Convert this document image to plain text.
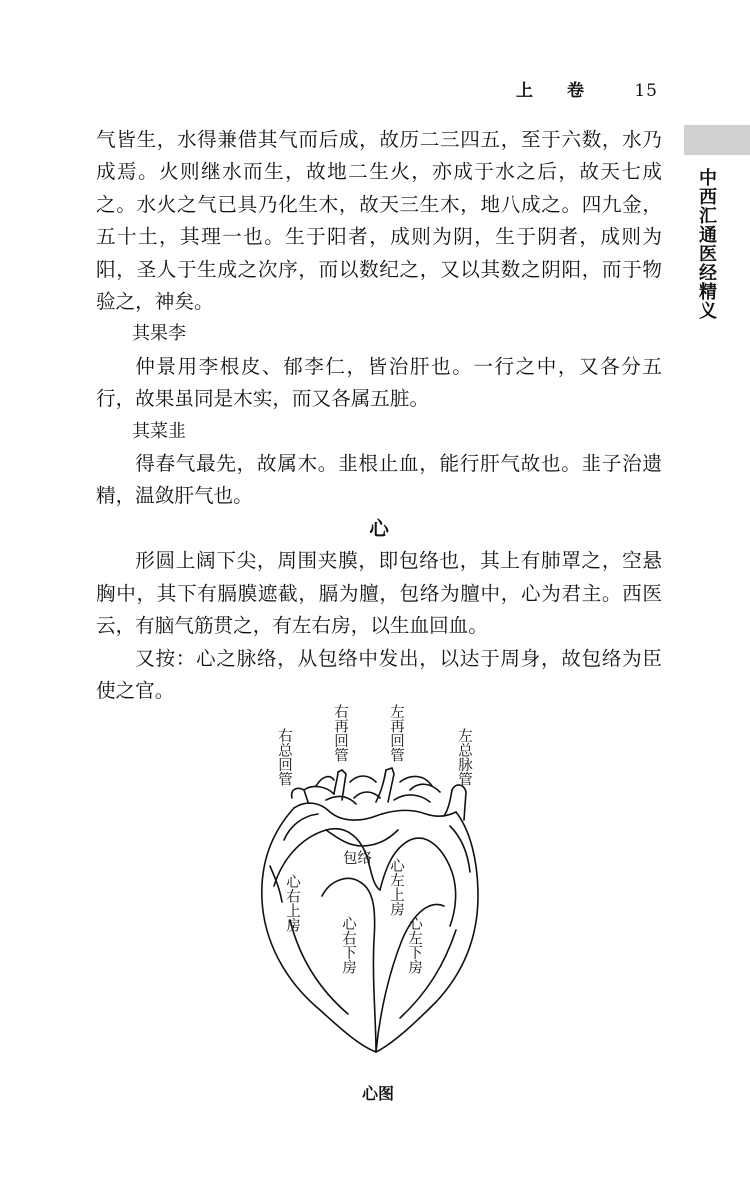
上 卷 15
中西汇通医经精义

气皆生，水得兼借其气而后成，故历二三四五，至于六数，水乃成焉。火则继水而生，故地二生火，亦成于水之后，故天七成之。水火之气已具乃化生木，故天三生木，地八成之。四九金，五十土，其理一也。生于阳者，成则为阴，生于阴者，成则为阳，圣人于生成之次序，而以数纪之，又以其数之阴阳，而于物验之，神矣。

其果李

仲景用李根皮、郁李仁，皆治肝也。一行之中，又各分五行，故果虽同是木实，而又各属五脏。

其菜韭

得春气最先，故属木。韭根止血，能行肝气故也。韭子治遗精，温敛肝气也。

心

形圆上阔下尖，周围夹膜，即包络也，其上有肺罩之，空悬胸中，其下有膈膜遮截，膈为膻，包络为膻中，心为君主。西医云，有脑气筋贯之，有左右房，以生血回血。

又按：心之脉络，从包络中发出，以达于周身，故包络为臣使之官。

右总回管	右再回管	左再回管	左总脉管
包络
心右上房	心左上房
心右下房	心左下房
心图
